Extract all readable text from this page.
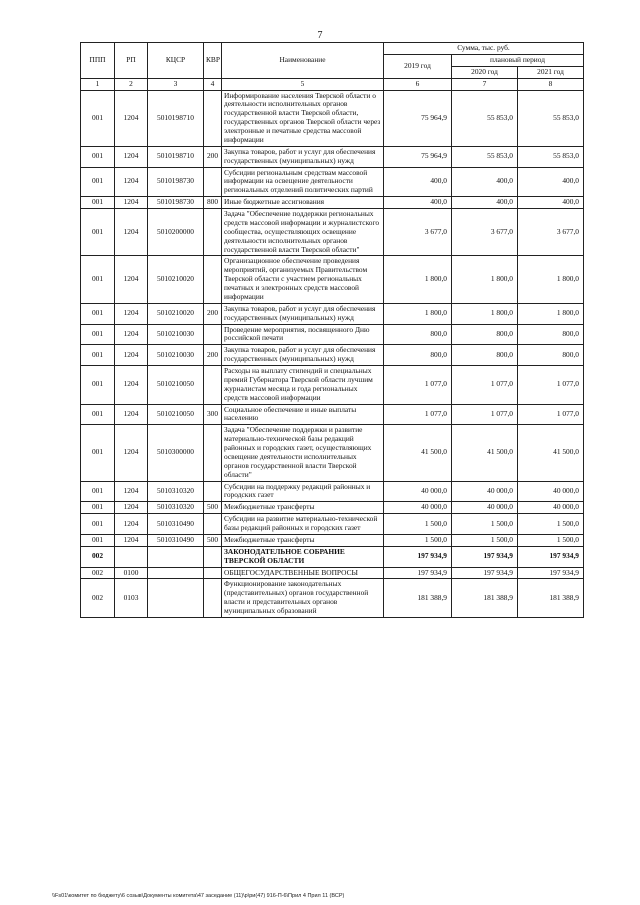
7
ППП	РП	КЦСР	КВР	Наименование	Сумма, тыс. руб.		
					2019 год	плановый период	
						2020 год	2021 год
1	2	3	4	5	6	7	8
001	1204	5010198710		Информирование населения Тверской области о деятельности исполнительных органов государственной власти Тверской области, государственных органов Тверской области через электронные и печатные средства массовой информации	75 964,9	55 853,0	55 853,0
001	1204	5010198710	200	Закупка товаров, работ и услуг для обеспечения государственных (муниципальных) нужд	75 964,9	55 853,0	55 853,0
001	1204	5010198730		Субсидии региональным средствам массовой информации на освещение деятельности региональных отделений политических партий	400,0	400,0	400,0
001	1204	5010198730	800	Иные бюджетные ассигнования	400,0	400,0	400,0
001	1204	5010200000		Задача "Обеспечение поддержки региональных средств массовой информации и журналистского сообщества, осуществляющих освещение деятельности исполнительных органов государственной власти Тверской области"	3 677,0	3 677,0	3 677,0
001	1204	5010210020		Организационное обеспечение проведения мероприятий, организуемых Правительством Тверской области с участием региональных печатных и электронных средств массовой информации	1 800,0	1 800,0	1 800,0
001	1204	5010210020	200	Закупка товаров, работ и услуг для обеспечения государственных (муниципальных) нужд	1 800,0	1 800,0	1 800,0
001	1204	5010210030		Проведение мероприятия, посвященного Дню российской печати	800,0	800,0	800,0
001	1204	5010210030	200	Закупка товаров, работ и услуг для обеспечения государственных (муниципальных) нужд	800,0	800,0	800,0
001	1204	5010210050		Расходы на выплату стипендий и специальных премий Губернатора Тверской области лучшим журналистам месяца и года региональных средств массовой информации	1 077,0	1 077,0	1 077,0
001	1204	5010210050	300	Социальное обеспечение и иные выплаты населению	1 077,0	1 077,0	1 077,0
001	1204	5010300000		Задача "Обеспечение поддержки и развитие материально-технической базы редакций районных и городских газет, осуществляющих освещение деятельности исполнительных органов государственной власти Тверской области"	41 500,0	41 500,0	41 500,0
001	1204	5010310320		Субсидии на поддержку редакций районных и городских газет	40 000,0	40 000,0	40 000,0
001	1204	5010310320	500	Межбюджетные трансферты	40 000,0	40 000,0	40 000,0
001	1204	5010310490		Субсидии на развитие материально-технической базы редакций районных и городских газет	1 500,0	1 500,0	1 500,0
001	1204	5010310490	500	Межбюджетные трансферты	1 500,0	1 500,0	1 500,0
002				ЗАКОНОДАТЕЛЬНОЕ СОБРАНИЕ ТВЕРСКОЙ ОБЛАСТИ	197 934,9	197 934,9	197 934,9
002	0100			ОБЩЕГОСУДАРСТВЕННЫЕ ВОПРОСЫ	197 934,9	197 934,9	197 934,9
002	0103			Функционирование законодательных (представительных) органов государственной власти и представительных органов муниципальных образований	181 388,9	181 388,9	181 388,9
\\Fs01\комитет по бюджету\6 созыв\Документы комитета\47 заседание (11)\р\ри(47) 916-П-6\Прил 4 Прил 11 (ВСР)
